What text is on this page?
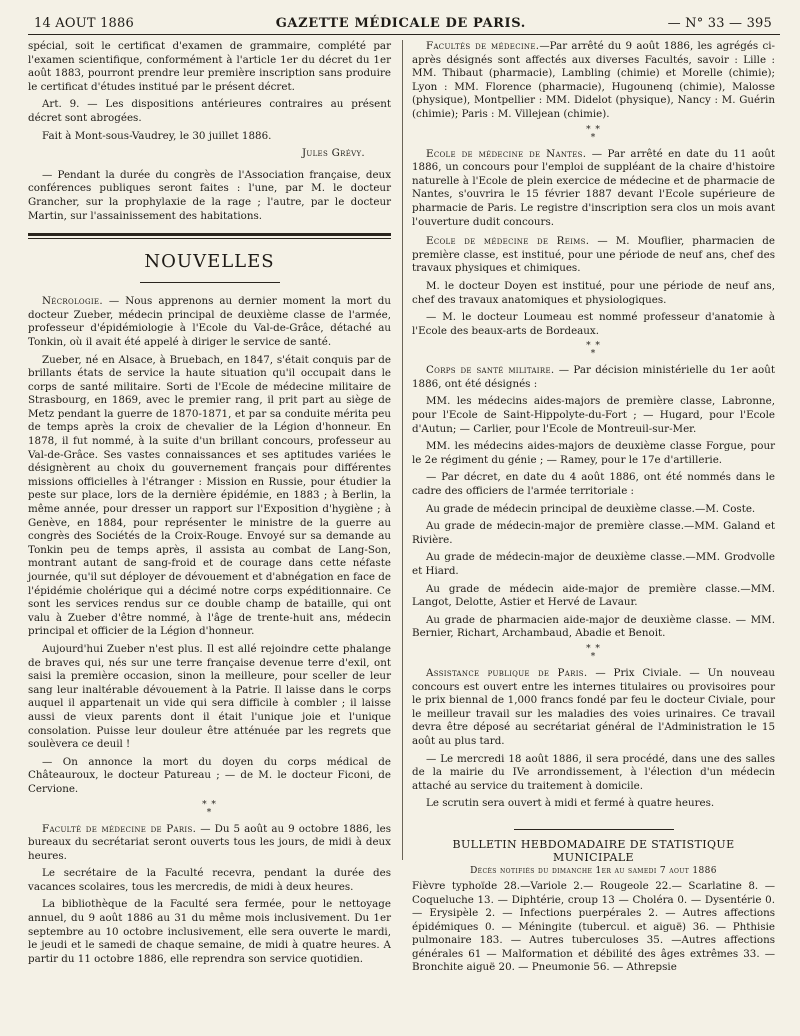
14 AOUT 1886	GAZETTE MÉDICALE DE PARIS.	— N° 33 — 395

spécial, soit le certificat d'examen de grammaire, complété par l'examen scientifique, conformément à l'article 1er du décret du 1er août 1883, pourront prendre leur première inscription sans produire le certificat d'études institué par le présent décret.

Art. 9. — Les dispositions antérieures contraires au présent décret sont abrogées.

Fait à Mont-sous-Vaudrey, le 30 juillet 1886.

Jules Grévy.

— Pendant la durée du congrès de l'Association française, deux conférences publiques seront faites : l'une, par M. le docteur Grancher, sur la prophylaxie de la rage ; l'autre, par le docteur Martin, sur l'assainissement des habitations.

NOUVELLES

Nécrologie. — Nous apprenons au dernier moment la mort du docteur Zueber, médecin principal de deuxième classe de l'armée, professeur d'épidémiologie à l'Ecole du Val-de-Grâce, détaché au Tonkin, où il avait été appelé à diriger le service de santé.

Zueber, né en Alsace, à Bruebach, en 1847, s'était conquis par de brillants états de service la haute situation qu'il occupait dans le corps de santé militaire. Sorti de l'Ecole de médecine militaire de Strasbourg, en 1869, avec le premier rang, il prit part au siège de Metz pendant la guerre de 1870-1871, et par sa conduite mérita peu de temps après la croix de chevalier de la Légion d'honneur. En 1878, il fut nommé, à la suite d'un brillant concours, professeur au Val-de-Grâce. Ses vastes connaissances et ses aptitudes variées le désignèrent au choix du gouvernement français pour différentes missions officielles à l'étranger : Mission en Russie, pour étudier la peste sur place, lors de la dernière épidémie, en 1883 ; à Berlin, la même année, pour dresser un rapport sur l'Exposition d'hygiène ; à Genève, en 1884, pour représenter le ministre de la guerre au congrès des Sociétés de la Croix-Rouge. Envoyé sur sa demande au Tonkin peu de temps après, il assista au combat de Lang-Son, montrant autant de sang-froid et de courage dans cette néfaste journée, qu'il sut déployer de dévouement et d'abnégation en face de l'épidémie cholérique qui a décimé notre corps expéditionnaire. Ce sont les services rendus sur ce double champ de bataille, qui ont valu à Zueber d'être nommé, à l'âge de trente-huit ans, médecin principal et officier de la Légion d'honneur.

Aujourd'hui Zueber n'est plus. Il est allé rejoindre cette phalange de braves qui, nés sur une terre française devenue terre d'exil, ont saisi la première occasion, sinon la meilleure, pour sceller de leur sang leur inaltérable dévouement à la Patrie. Il laisse dans le corps auquel il appartenait un vide qui sera difficile à combler ; il laisse aussi de vieux parents dont il était l'unique joie et l'unique consolation. Puisse leur douleur être atténuée par les regrets que soulèvera ce deuil !

— On annonce la mort du doyen du corps médical de Châteauroux, le docteur Patureau ; — de M. le docteur Ficoni, de Cervione.

* *
*

Faculté de médecine de Paris. — Du 5 août au 9 octobre 1886, les bureaux du secrétariat seront ouverts tous les jours, de midi à deux heures.

Le secrétaire de la Faculté recevra, pendant la durée des vacances scolaires, tous les mercredis, de midi à deux heures.

La bibliothèque de la Faculté sera fermée, pour le nettoyage annuel, du 9 août 1886 au 31 du même mois inclusivement. Du 1er septembre au 10 octobre inclusivement, elle sera ouverte le mardi, le jeudi et le samedi de chaque semaine, de midi à quatre heures. A partir du 11 octobre 1886, elle reprendra son service quotidien.

Facultés de médecine.—Par arrêté du 9 août 1886, les agrégés ci-après désignés sont affectés aux diverses Facultés, savoir : Lille : MM. Thibaut (pharmacie), Lambling (chimie) et Morelle (chimie); Lyon : MM. Florence (pharmacie), Hugounenq (chimie), Malosse (physique), Montpellier : MM. Didelot (physique), Nancy : M. Guérin (chimie); Paris : M. Villejean (chimie).

* *
*

Ecole de médecine de Nantes. — Par arrêté en date du 11 août 1886, un concours pour l'emploi de suppléant de la chaire d'histoire naturelle à l'Ecole de plein exercice de médecine et de pharmacie de Nantes, s'ouvrira le 15 février 1887 devant l'Ecole supérieure de pharmacie de Paris. Le registre d'inscription sera clos un mois avant l'ouverture dudit concours.

Ecole de médecine de Reims. — M. Mouflier, pharmacien de première classe, est institué, pour une période de neuf ans, chef des travaux physiques et chimiques.

M. le docteur Doyen est institué, pour une période de neuf ans, chef des travaux anatomiques et physiologiques.

— M. le docteur Loumeau est nommé professeur d'anatomie à l'Ecole des beaux-arts de Bordeaux.

* *
*

Corps de santé militaire. — Par décision ministérielle du 1er août 1886, ont été désignés :

MM. les médecins aides-majors de première classe, Labronne, pour l'Ecole de Saint-Hippolyte-du-Fort ; — Hugard, pour l'Ecole d'Autun; — Carlier, pour l'Ecole de Montreuil-sur-Mer.

MM. les médecins aides-majors de deuxième classe Forgue, pour le 2e régiment du génie ; — Ramey, pour le 17e d'artillerie.

— Par décret, en date du 4 août 1886, ont été nommés dans le cadre des officiers de l'armée territoriale :

Au grade de médecin principal de deuxième classe.—M. Coste.

Au grade de médecin-major de première classe.—MM. Galand et Rivière.

Au grade de médecin-major de deuxième classe.—MM. Grodvolle et Hiard.

Au grade de médecin aide-major de première classe.—MM. Langot, Delotte, Astier et Hervé de Lavaur.

Au grade de pharmacien aide-major de deuxième classe. — MM. Bernier, Richart, Archambaud, Abadie et Benoit.

* *
*

Assistance publique de Paris. — Prix Civiale. — Un nouveau concours est ouvert entre les internes titulaires ou provisoires pour le prix biennal de 1,000 francs fondé par feu le docteur Civiale, pour le meilleur travail sur les maladies des voies urinaires. Ce travail devra être déposé au secrétariat général de l'Administration le 15 août au plus tard.

— Le mercredi 18 août 1886, il sera procédé, dans une des salles de la mairie du IVe arrondissement, à l'élection d'un médecin attaché au service du traitement à domicile.

Le scrutin sera ouvert à midi et fermé à quatre heures.

BULLETIN HEBDOMADAIRE DE STATISTIQUE MUNICIPALE
Décès notifiés du dimanche 1er au samedi 7 aout 1886

Fièvre typhoïde 28.—Variole 2.— Rougeole 22.— Scarlatine 8. — Coqueluche 13. — Diphtérie, croup 13 — Choléra 0. — Dysentérie 0. — Erysipèle 2. — Infections puerpérales 2. — Autres affections épidémiques 0. — Méningite (tubercul. et aiguë) 36. — Phthisie pulmonaire 183. — Autres tuberculoses 35. —Autres affections générales 61 — Malformation et débilité des âges extrêmes 33. — Bronchite aiguë 20. — Pneumonie 56. — Athrepsie
